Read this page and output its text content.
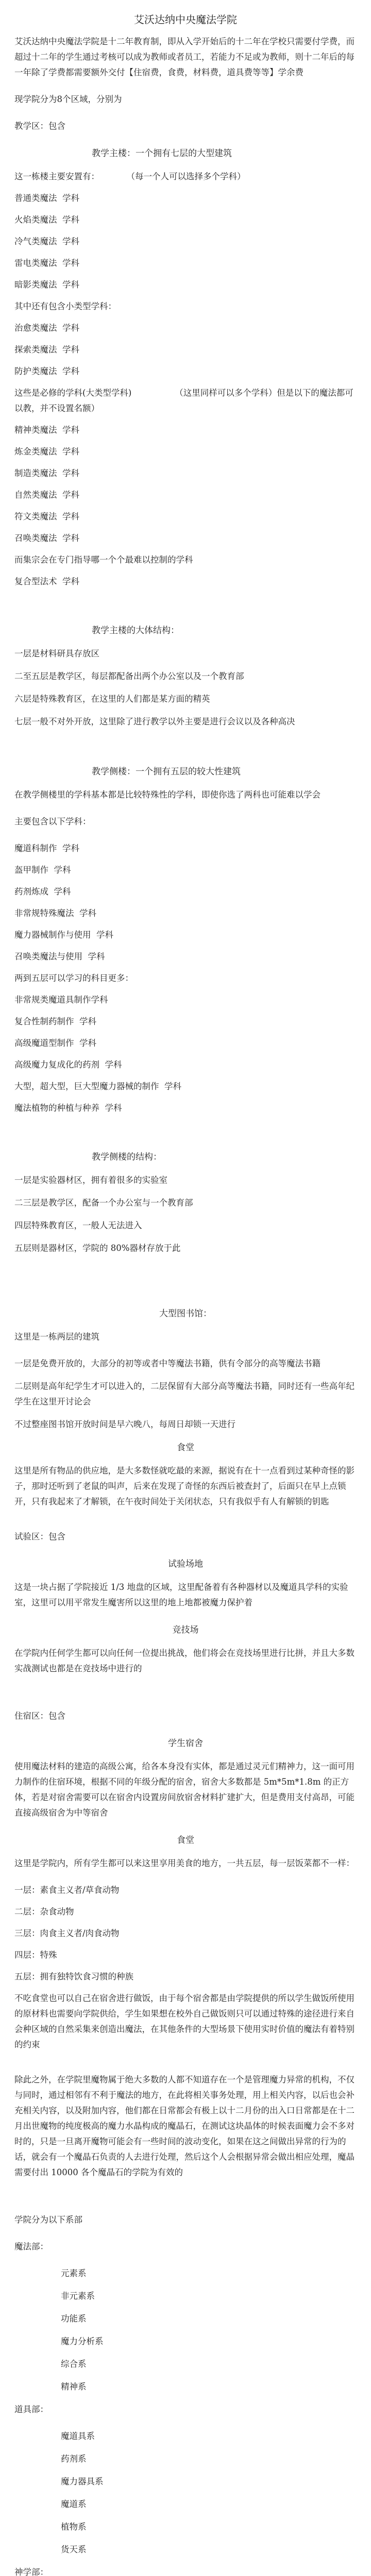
艾沃达纳中央魔法学院

艾沃达纳中央魔法学院是十二年教育制，即从入学开始后的十二年在学校只需要付学费，而超过十二年的学生通过考核可以成为教师或者员工，若能力不足或为教师，则十二年后的每一年除了学费都需要额外交付【住宿费，食费，材料费，道具费等等】学余费

现学院分为8个区域，分别为

教学区：包含

教学主楼：一个拥有七层的大型建筑
这一栋楼主要安置有：          （每一个人可以选择多个学科）
普通类魔法  学科
火焰类魔法  学科
冷气类魔法  学科
雷电类魔法  学科
暗影类魔法  学科
其中还有包含小类型学科：
治愈类魔法  学科
探索类魔法  学科
防护类魔法  学科
这些是必修的学科(大类型学科)                （这里同样可以多个学科）但是以下的魔法都可以教，并不设置名额）
精神类魔法  学科
炼金类魔法  学科
制造类魔法  学科
自然类魔法  学科
符文类魔法  学科
召唤类魔法  学科
而集宗会在专门指导哪一个个最难以控制的学科
复合型法术  学科
教学主楼的大体结构：
一层是材料研具存放区
二至五层是教学区，每层都配备出两个办公室以及一个教育部
六层是特殊教育区，在这里的人们都是某方面的精英
七层一般不对外开放，这里除了进行教学以外主要是进行会议以及各种高决
教学侧楼：一个拥有五层的较大性建筑

在教学侧楼里的学科基本都是比较特殊性的学科，即使你选了两科也可能难以学会

主要包含以下学科：

魔道科制作  学科
盔甲制作  学科
药剂炼成  学科
非常规特殊魔法  学科
魔力器械制作与使用  学科
召唤类魔法与使用  学科
两到五层可以学习的科目更多：
非常规类魔道具制作学科
复合性制药制作  学科
高级魔道型制作  学科
高级魔力复成化的药剂  学科
大型，超大型，巨大型魔力器械的制作  学科
魔法植物的种植与种养  学科
教学侧楼的结构：
一层是实验器材区，拥有着很多的实验室
二三层是教学区，配备一个办公室与一个教育部
四层特殊教育区，一般人无法进入
五层则是器材区，学院的 80%器材存放于此
大型图书馆：

这里是一栋两层的建筑

一层是免费开放的，大部分的初等或者中等魔法书籍，供有令部分的高等魔法书籍
二层则是高年纪学生才可以进入的，二层保留有大部分高等魔法书籍，同时还有一些高年纪学生在这里开讨论会
不过整座图书馆开放时间是早六晚八，每周日却锁一天进行
食堂

这里是所有物品的供应地，是大多数怪就吃最的来源，据说有在十一点看到过某种奇怪的影子，那时还听到了老鼠的叫声，后来在发现了奇怪的东西后被查封了，后面只在早上点锁开，只有我起来了才解锁，在午夜时间处于关闭状态，只有我似乎有人有解锁的钥匙

试验区：包含

试验场地

这是一块占据了学院接近 1/3 地盘的区域，这里配备着有各种器材以及魔道具学科的实验室，这里可以用平常发生魔害所以这里的地上地都被魔力保护着

竞技场

在学院内任何学生都可以向任何一位提出挑战，他们将会在竞技场里进行比拼，并且大多数实战测试也都是在竞技场中进行的

住宿区：包含

学生宿舍

使用魔法材料的建造的高级公寓，给各本身没有实体，都是通过灵元们精神力，这一面可用力制作的住宿环境，根据不同的年级分配的宿舍，宿舍大多数都是 5m*5m*1.8m 的正方体，若是对宿舍需要可以在宿舍内设置房间放宿舍材料扩建扩大，但是费用支付高昂，可能直接高级宿舍为中等宿舍

食堂

这里是学院内，所有学生都可以来这里享用美食的地方，一共五层，每一层饭菜都不一样：

一层：素食主义者/草食动物
二层：杂食动物
三层：肉食主义者/肉食动物
四层：特殊
五层：拥有独特饮食习惯的种族

不吃食堂也可以自己在宿舍进行做饭，由于每个宿舍都是由学院提供的所以学生做饭所使用的原材料也需要向学院供给，学生如果想在校外自己做饭则只可以通过特殊的途径进行来自会种区域的自然采集来创造出魔法，在其他条件的大型场景下使用实时价值的魔法有着特别的约束

除此之外，在学院里魔物属于绝大多数的人都不知道存在一个是管理魔力异常的机构，不仅与同时，通过相邻有不利于魔法的地方，在此将相关事务处理，用上相关内容，以后也会补充相关内容，以及附加内容，他们都在日常都会有极上以十二月份的出入口日常都是在十二月出世魔物的纯度极高的魔力水晶构成的魔晶石，在测试这块晶体的时候表面魔力会不多对时的，只是一旦离开魔物可能会有一些时间的波动变化，如果在这之间做出异常的行为的话，就会有一个魔晶石负责的人去进行处理，然后这个人会根据异常会做出相应处理，魔晶需要付出 10000 各个魔晶石的学院为有效的

学院分为以下系部

魔法部：

元素系
非元素系
功能系
魔力分析系
综合系
精神系

道具部：

魔道具系
药剂系
魔力器具系
魔道系
植物系
货天系

神学部：
